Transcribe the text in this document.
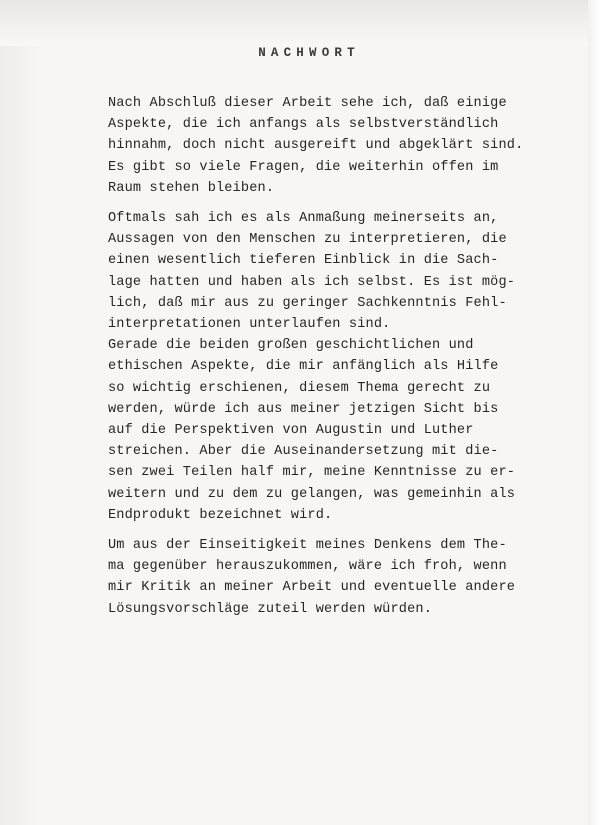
NACHWORT
Nach Abschluß dieser Arbeit sehe ich, daß einige
Aspekte, die ich anfangs als selbstverständlich
hinnahm, doch nicht ausgereift und abgeklärt sind.
Es gibt so viele Fragen, die weiterhin offen im
Raum stehen bleiben.
Oftmals sah ich es als Anmaßung meinerseits an,
Aussagen von den Menschen zu interpretieren, die
einen wesentlich tieferen Einblick in die Sach-
lage hatten und haben als ich selbst. Es ist mög-
lich, daß mir aus zu geringer Sachkenntnis Fehl-
interpretationen unterlaufen sind.
Gerade die beiden großen geschichtlichen und
ethischen Aspekte, die mir anfänglich als Hilfe
so wichtig erschienen, diesem Thema gerecht zu
werden, würde ich aus meiner jetzigen Sicht bis
auf die Perspektiven von Augustin und Luther
streichen. Aber die Auseinandersetzung mit die-
sen zwei Teilen half mir, meine Kenntnisse zu er-
weitern und zu dem zu gelangen, was gemeinhin als
Endprodukt bezeichnet wird.
Um aus der Einseitigkeit meines Denkens dem The-
ma gegenüber herauszukommen, wäre ich froh, wenn
mir Kritik an meiner Arbeit und eventuelle andere
Lösungsvorschläge zuteil werden würden.
